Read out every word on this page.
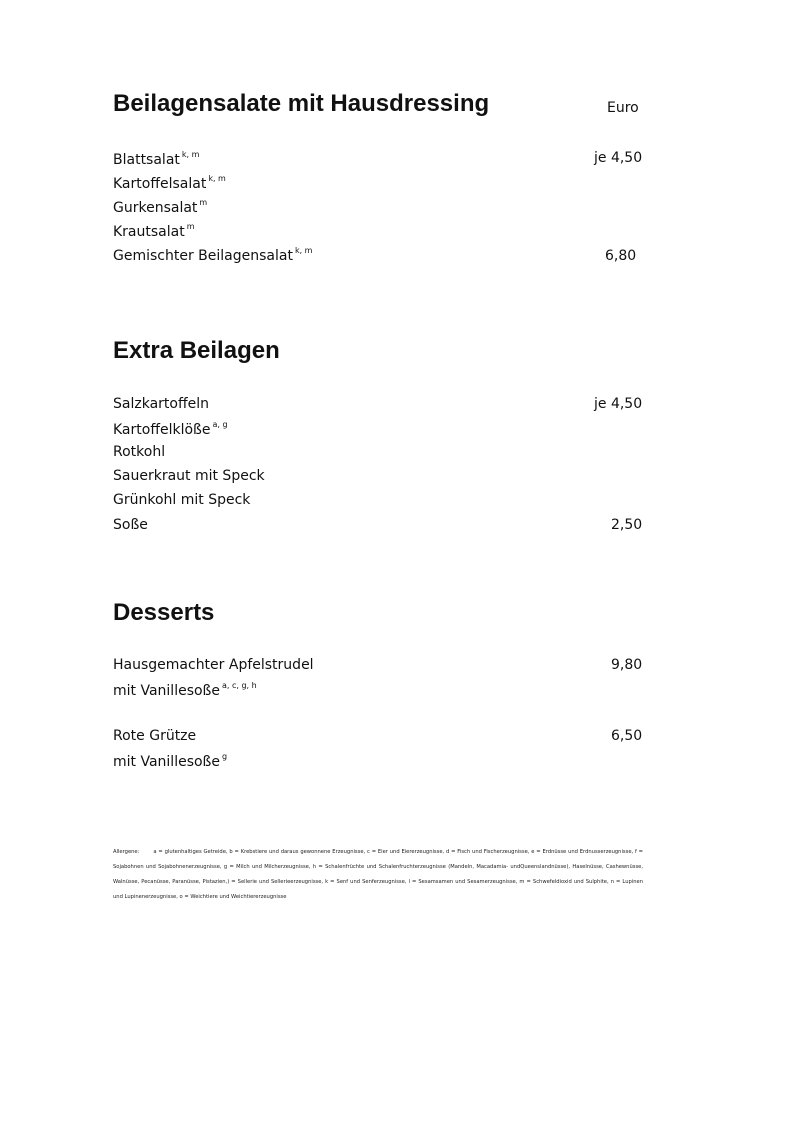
Beilagensalate mit Hausdressing	Euro
Blattsalat $^{k, m}$	je 4,50
Kartoffelsalat $^{k, m}$
Gurkensalat $^m$
Krautsalat $^m$
Gemischter Beilagensalat $^{k, m}$	6,80
Extra Beilagen
Salzkartoffeln	je 4,50
Kartoffelklöße $^{a, g}$
Rotkohl
Sauerkraut mit Speck
Grünkohl mit Speck
Soße	2,50
Desserts
Hausgemachter Apfelstrudel	9,80
mit Vanillesoße $^{a, c, g, h}$
Rote Grütze	6,50
mit Vanillesoße $^g$
Allergene:	a = glutenhaltiges Getreide, b = Krebstiere und daraus gewonnene Erzeugnisse, c = Eier und Eiererzeugnisse, d = Fisch und Fischerzeugnisse, e = Erdnüsse und Erdnusserzeugnisse, f = Sojabohnen und Sojabohnenerzeugnisse, g = Milch und Milcherzeugnisse, h = Schalenfrüchte und Schalenfruchterzeugnisse (Mandeln, Macadamia- undQueenslandnüsse), Haselnüsse, Cashewnüsse, Walnüsse, Pecanüsse, Paranüsse, Pistazien,) = Sellerie und Sellerieerzeugnisse, k = Senf und Senferzeugnisse, l = Sesamsamen und Sesamerzeugnisse, m = Schwefeldioxid und Sulphite, n = Lupinen und Lupinenerzeugnisse, o = Weichtiere und Weichtiererzeugnisse
